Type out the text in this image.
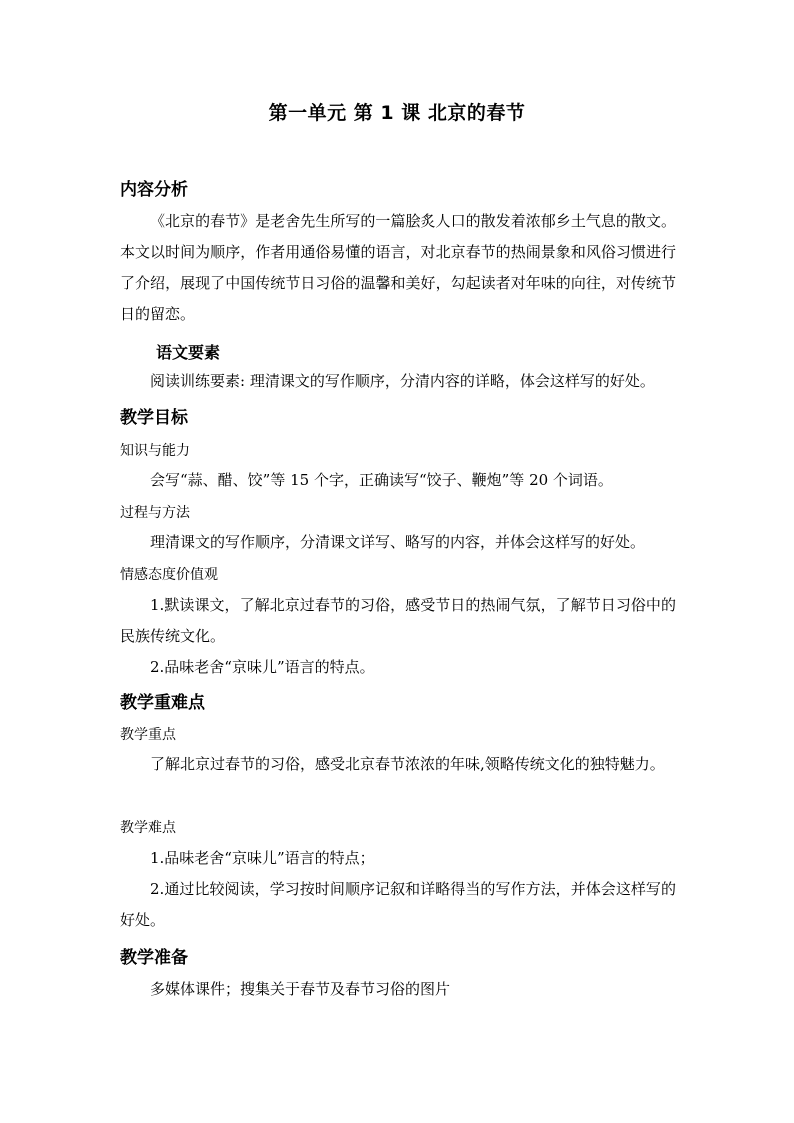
第一单元 第 1 课 北京的春节
内容分析
《北京的春节》是老舍先生所写的一篇脍炙人口的散发着浓郁乡土气息的散文。本文以时间为顺序，作者用通俗易懂的语言，对北京春节的热闹景象和风俗习惯进行了介绍，展现了中国传统节日习俗的温馨和美好，勾起读者对年味的向往，对传统节日的留恋。
语文要素
阅读训练要素: 理清课文的写作顺序，分清内容的详略，体会这样写的好处。
教学目标
知识与能力
会写“蒜、醋、饺”等 15 个字，正确读写“饺子、鞭炮”等 20 个词语。
过程与方法
理清课文的写作顺序，分清课文详写、略写的内容，并体会这样写的好处。
情感态度价值观
1.默读课文，了解北京过春节的习俗，感受节日的热闹气氛，了解节日习俗中的民族传统文化。
2.品味老舍“京味儿”语言的特点。
教学重难点
教学重点
了解北京过春节的习俗，感受北京春节浓浓的年味,领略传统文化的独特魅力。
教学难点
1.品味老舍“京味儿”语言的特点；
2.通过比较阅读，学习按时间顺序记叙和详略得当的写作方法，并体会这样写的好处。
教学准备
多媒体课件；搜集关于春节及春节习俗的图片
